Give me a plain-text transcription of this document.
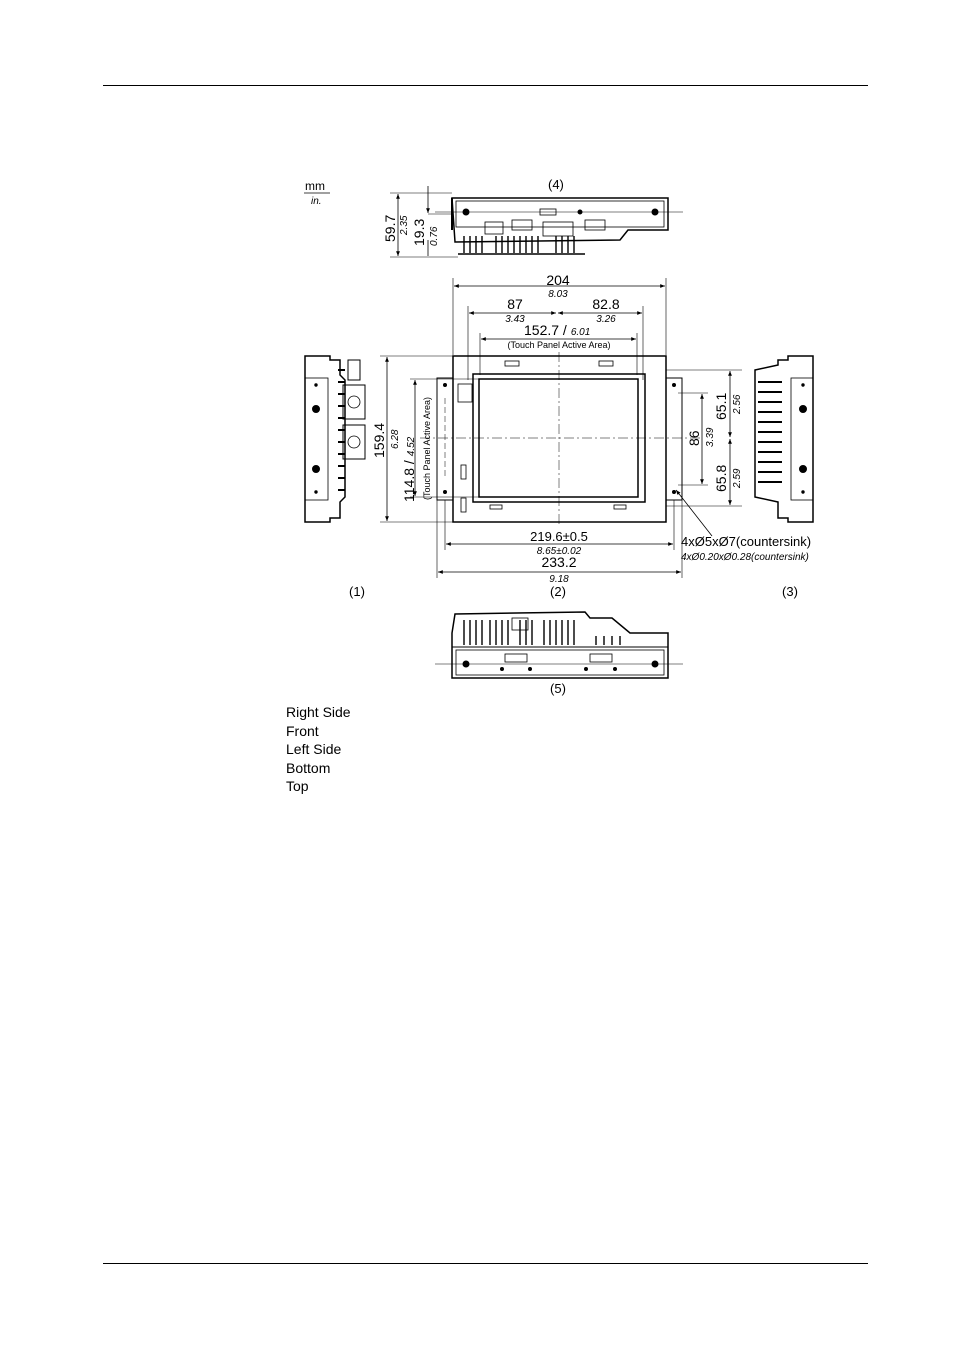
mm
in.
(4)
59.7 2.35 19.3 0.76
204
8.03
87
3.43
82.8
3.26
152.7 / 6.01
(Touch Panel Active Area)
159.4 6.28
114.8 /4.52 (Touch Panel Active Area)	65.1 2.56
86 3.39
65.8 2.59
219.6±0.5
8.65±0.02
233.2
9.18
4xØ5xØ7(countersink)
4xØ0.20xØ0.28(countersink)
(2)
(1)	(3)
(5)
Right Side
Front
Left Side
Bottom
Top
